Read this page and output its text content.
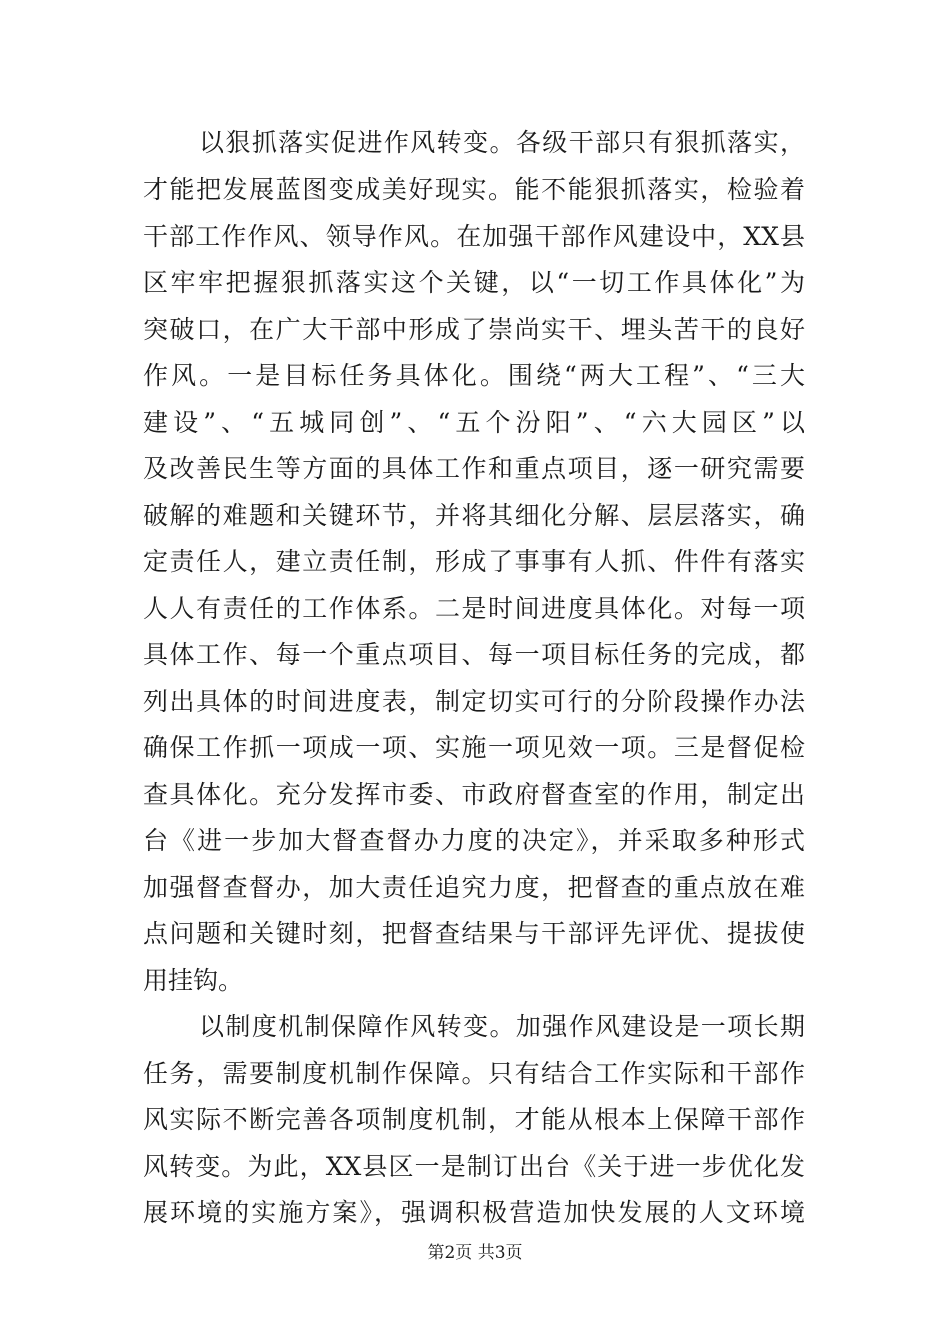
以狠抓落实促进作风转变。各级干部只有狠抓落实，
才能把发展蓝图变成美好现实。能不能狠抓落实，检验着
干部工作作风、领导作风。在加强干部作风建设中，XX县
区牢牢把握狠抓落实这个关键，以“一切工作具体化”为
突破口，在广大干部中形成了崇尚实干、埋头苦干的良好
作风。一是目标任务具体化。围绕“两大工程”、“三大
建设”、“五城同创”、“五个汾阳”、“六大园区”以
及改善民生等方面的具体工作和重点项目，逐一研究需要
破解的难题和关键环节，并将其细化分解、层层落实，确
定责任人，建立责任制，形成了事事有人抓、件件有落实
人人有责任的工作体系。二是时间进度具体化。对每一项
具体工作、每一个重点项目、每一项目标任务的完成，都
列出具体的时间进度表，制定切实可行的分阶段操作办法
确保工作抓一项成一项、实施一项见效一项。三是督促检
查具体化。充分发挥市委、市政府督查室的作用，制定出
台《进一步加大督查督办力度的决定》，并采取多种形式
加强督查督办，加大责任追究力度，把督查的重点放在难
点问题和关键时刻，把督查结果与干部评先评优、提拔使
用挂钩。
以制度机制保障作风转变。加强作风建设是一项长期
任务，需要制度机制作保障。只有结合工作实际和干部作
风实际不断完善各项制度机制，才能从根本上保障干部作
风转变。为此，XX县区一是制订出台《关于进一步优化发
展环境的实施方案》，强调积极营造加快发展的人文环境
第2页 共3页
